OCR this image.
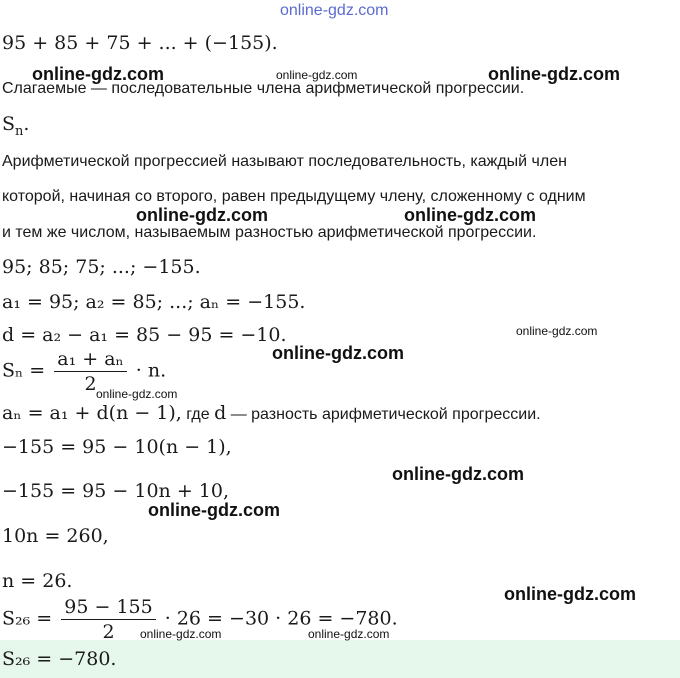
online-gdz.com
95 + 85 + 75 + ... + (−155).
Слагаемые — последовательные члена арифметической прогрессии.
$S_n$.
Арифметической прогрессией называют последовательность, каждый член
которой, начиная со второго, равен предыдущему члену, сложенному с одним
и тем же числом, называемым разностью арифметической прогрессии.
95; 85; 75; ...; −155.
a₁ = 95; a₂ = 85; ...; aₙ = −155.
d = a₂ − a₁ = 85 − 95 = −10.
$S_n = \frac{\text{a₁ + aₙ}}{2} \cdot n$.
aₙ = a₁ + d(n − 1), где d — разность арифметической прогрессии.
−155 = 95 − 10(n − 1),
−155 = 95 − 10n + 10,
10n = 260,
n = 26.
$S_{26} = \frac{95 - 155}{2} \cdot 26 = -30 \cdot 26 = -780$.
S₂₆ = −780.
online-gdz.com	online-gdz.com	online-gdz.com
online-gdz.com	online-gdz.com
online-gdz.com
online-gdz.com
online-gdz.com
online-gdz.com
online-gdz.com
online-gdz.com
online-gdz.com	online-gdz.com
